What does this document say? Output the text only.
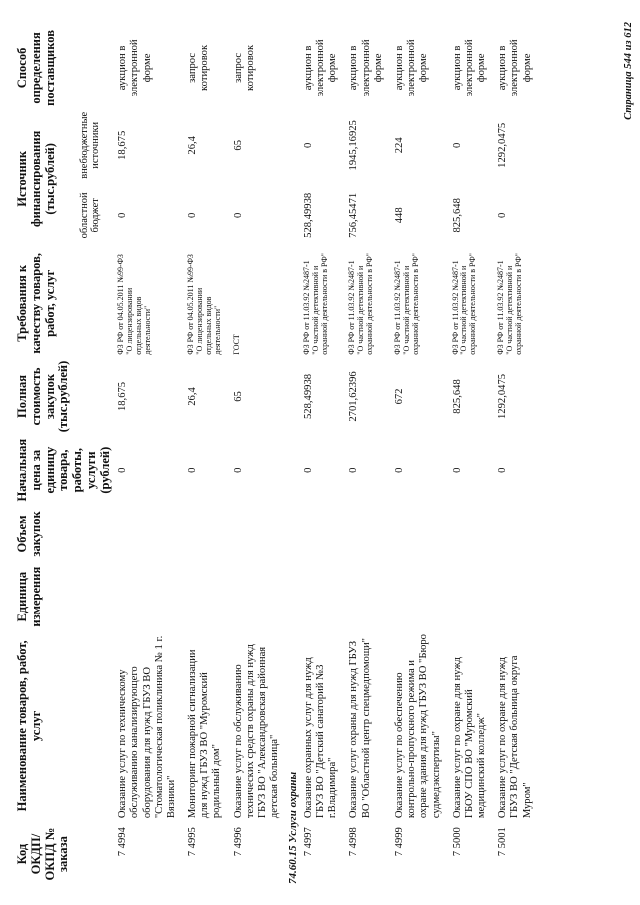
Код ОКДП/ ОКПД № заказа	Наименование товаров, работ, услуг	Единица измерения	Объем закупок	Начальная цена за единицу товара, работы, услуги (рублей)	Полная стоимость закупок (тыс.рублей)	Требования к качеству товаров, работ, услуг	Источник финансирования (тыс.рублей)		Способ определения поставщиков
							областной бюджет	внебюджетные источники	
7 4994	Оказание услуг по техническому обслуживанию канализирующего оборудования для нужд ГБУЗ ВО "Стоматологическая поликлиника № 1 г. Вязники"			0	18,675	ФЗ РФ от 04.05.2011 №99-ФЗ "О лицензировании отдельных видов деятельности"	0	18,675	аукцион в электронной форме
7 4995	Мониторинг пожарной сигнализации для нужд ГБУЗ ВО "Муромский родильный дом"			0	26,4	ФЗ РФ от 04.05.2011 №99-ФЗ "О лицензировании отдельных видов деятельности"	0	26,4	запрос котировок
7 4996	Оказание услуг по обслуживанию технических средств охраны для нужд ГБУЗ ВО "Александровская районная детская больница"			0	65	ГОСТ	0	65	запрос котировок
74.60.15 Услуги охраны									
7 4997	Оказание охранных услуг для нужд ГБУЗ ВО "Детский санаторий №3 г.Владимира"			0	528,49938	ФЗ РФ от 11.03.92 №2487-1 "О частной детективной и охранной деятельности в РФ"	528,49938	0	аукцион в электронной форме
7 4998	Оказание услуг охраны для нужд ГБУЗ ВО "Областной центр спецмедпомощи"			0	2701,62396	ФЗ РФ от 11.03.92 №2487-1 "О частной детективной и охранной деятельности в РФ"	756,45471	1945,16925	аукцион в электронной форме
7 4999	Оказание услуг по обеспечению контрольно-пропускного режима и охране здания для нужд ГБУЗ ВО "Бюро судмедэкспертизы"			0	672	ФЗ РФ от 11.03.92 №2487-1 "О частной детективной и охранной деятельности в РФ"	448	224	аукцион в электронной форме
7 5000	Оказание услуг по охране для нужд ГБОУ СПО ВО "Муромский медицинский колледж"			0	825,648	ФЗ РФ от 11.03.92 №2487-1 "О частной детективной и охранной деятельности в РФ"	825,648	0	аукцион в электронной форме
7 5001	Оказание услуг по охране для нужд ГБУЗ ВО "Детская больница округа Муром"			0	1292,0475	ФЗ РФ от 11.03.92 №2487-1 "О частной детективной и охранной деятельности в РФ"	0	1292,0475	аукцион в электронной форме	Страница 544 из 612
